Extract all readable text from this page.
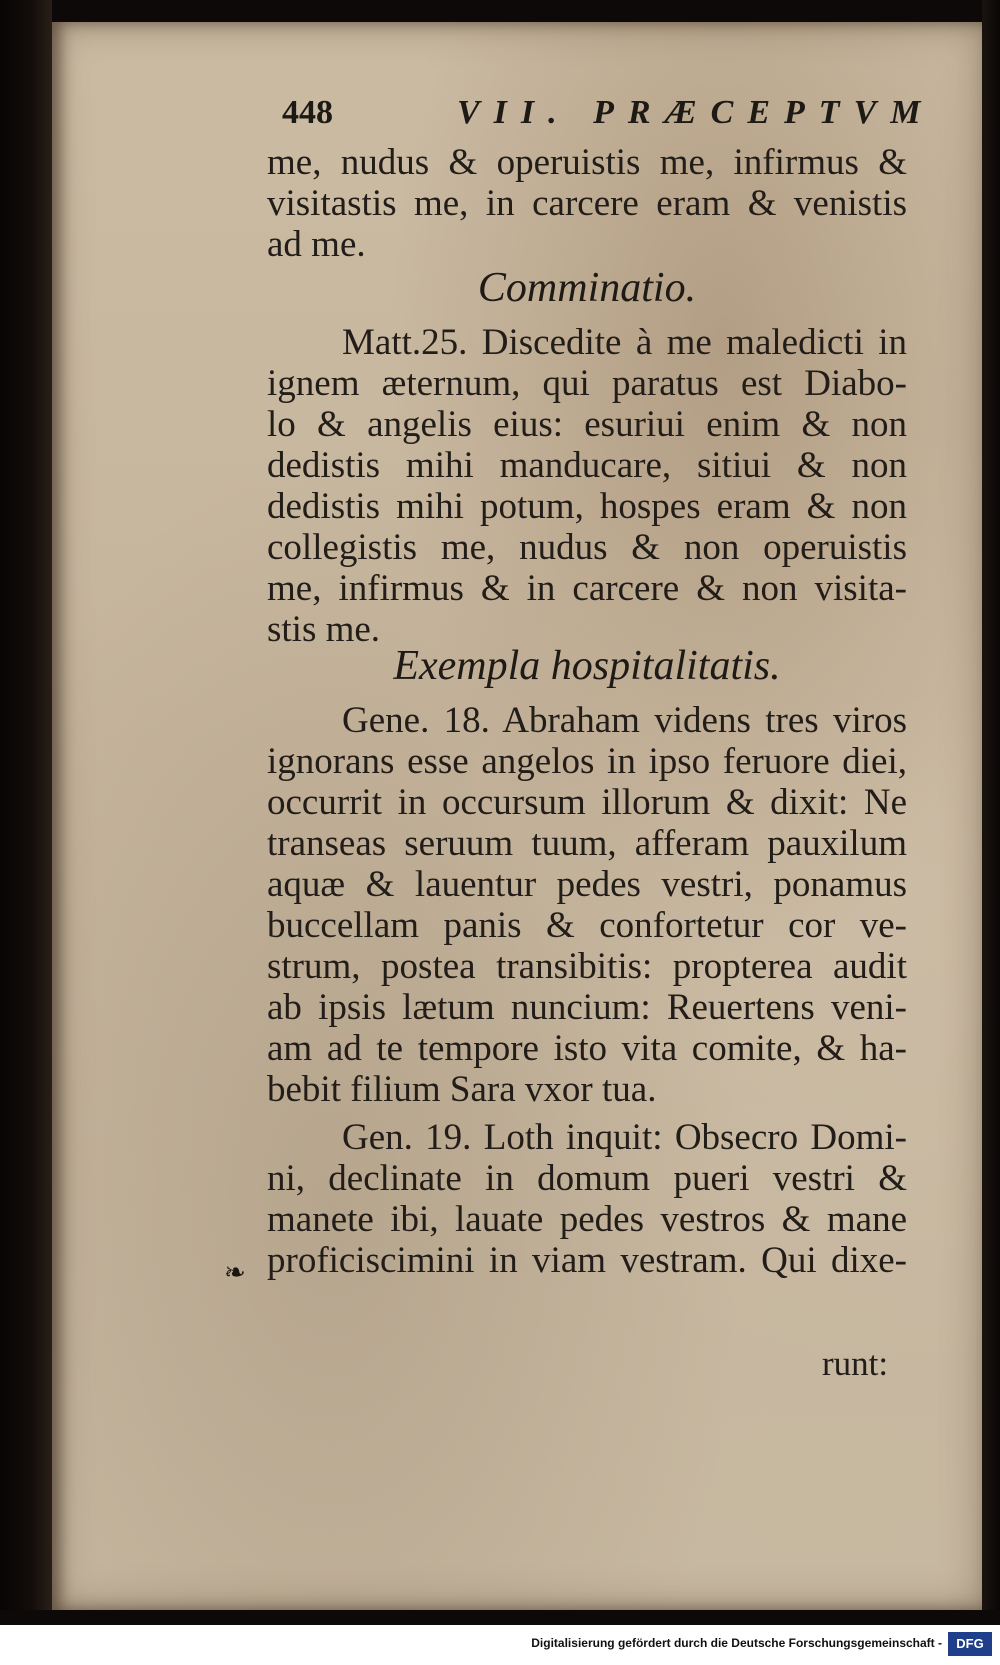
448	VII. PRÆCEPTVM
me, nudus & operuistis me, infirmus &
visitastis me, in carcere eram & venistis
ad me.
Comminatio.
Matt.25. Discedite à me maledicti in
ignem æternum, qui paratus est Diabo-
lo & angelis eius: esuriui enim & non
dedistis mihi manducare, sitiui & non
dedistis mihi potum, hospes eram & non
collegistis me, nudus & non operuistis
me, infirmus & in carcere & non visita-
stis me.
Exempla hospitalitatis.
Gene. 18. Abraham videns tres viros
ignorans esse angelos in ipso feruore diei,
occurrit in occursum illorum & dixit: Ne
transeas seruum tuum, afferam pauxilum
aquæ & lauentur pedes vestri, ponamus
buccellam panis & confortetur cor ve-
strum, postea transibitis: propterea audit
ab ipsis lætum nuncium: Reuertens veni-
am ad te tempore isto vita comite, & ha-
bebit filium Sara vxor tua.
Gen. 19. Loth inquit: Obsecro Domi-
ni, declinate in domum pueri vestri &
manete ibi, lauate pedes vestros & mane
proficiscimini in viam vestram. Qui dixe-
runt:
❧
Digitalisierung gefördert durch die Deutsche Forschungsgemeinschaft -	DFG
